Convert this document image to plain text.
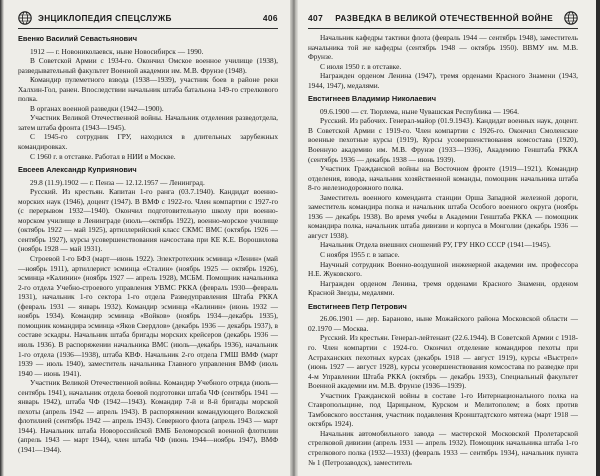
ЭНЦИКЛОПЕДИЯ СПЕЦСЛУЖБ	406
Евенко Василий Севастьянович

1912 — г. Новониколаевск, ныне Новосибирск — 1990.

В Советской Армии с 1934-го. Окончил Омское военное училище (1938), разведывательный факультет Военной академии им. М.В. Фрунзе (1948).

Командир пулеметного взвода (1938—1939), участник боев в районе реки Халхин-Гол, ранен. Впоследствии начальник штаба батальона 149-го стрелкового полка.

В органах военной разведки (1942—1900).

Участник Великой Отечественной войны. Начальник отделения разведотдела, затем штаба фронта (1943—1945).

С 1945-го сотрудник ГРУ, находился в длительных зарубежных командировках.

С 1960 г. в отставке. Работал в НИИ в Москве.

Евсеев Александр Куприянович

29.8 (11.9).1902 — г. Пенза — 12.12.1957 — Ленинград.

Русский. Из крестьян. Капитан 1-го ранга (03.7.1940). Кандидат военно-морских наук (1946), доцент (1947). В ВМФ с 1922-го. Член компартии с 1927-го (с перерывом 1932—1940). Окончил подготовительную школу при военно-морском училище в Ленинграде (июль—октябрь 1922), военно-морское училище (октябрь 1922 — май 1925), артиллерийский класс СКМС ВМС (октябрь 1926 — сентябрь 1927), курсы усовершенствования начсостава при КЕ К.Е. Ворошилова (ноябрь 1928 — май 1931).

Строевой 1-го БФЗ (март—июнь 1922). Электротехник эсминца «Ленин» (май—ноябрь 1911), артиллерист эсминца «Сталин» (ноябрь 1925 — октябрь 1926), эсминца «Калинин» (ноябрь 1927 — апрель 1928), МСБМ. Помощник начальника 2-го отдела Учебно-строевого управления УВМС РККА (февраль 1930—февраль 1931), начальник 1-го сектора 1-го отдела Разведуправления Штаба РККА (февраль 1931 — январь 1932). Командир эсминца «Калинин» (июнь 1932 — ноябрь 1934). Командир эсминца «Войков» (ноябрь 1934—декабрь 1935), помощник командира эсминца «Яков Свердлов» (декабрь 1936 — декабрь 1937), в составе эскадры. Начальник штаба бригады морских крейсеров (декабрь 1936 — июль 1936). В распоряжении начальника ВМС (июль—декабрь 1936), начальник 1-го отдела (1936—1938), штаба КВФ. Начальник 2-го отдела ГМШ ВМФ (март 1939 — июль 1940), заместитель начальника Главного управления ВМФ (июль 1940 — июнь 1941).

Участник Великой Отечественной войны. Командир Учебного отряда (июль—сентябрь 1941), начальник отдела боевой подготовки штаба ЧФ (сентябрь 1941 — январь 1942), штаба ЧФ (1942—1943). Командир 7-й и 8-й бригады морской пехоты (апрель 1942 — апрель 1943). В распоряжении командующего Волжской флотилией (сентябрь 1942 — апрель 1943). Северного флота (апрель 1943 — март 1944). Начальник штаба Новороссийской ВМБ Беломорской военной флотилии (апрель 1943 — март 1944), член штаба ЧФ (июнь 1944—ноябрь 1947), ВМФ (1941—1944).

407 РАЗВЕДКА В ВЕЛИКОЙ ОТЕЧЕСТВЕННОЙ ВОЙНЕ

Начальник кафедры тактики флота (февраль 1944 — сентябрь 1948), заместитель начальника той же кафедры (сентябрь 1948 — октябрь 1950). ВВМУ им. М.В. Фрунзе.

С июля 1950 г. в отставке.

Награжден орденом Ленина (1947), тремя орденами Красного Знамени (1943, 1944, 1947), медалями.

Евстигнеев Владимир Николаевич

09.6.1900 — ст. Тюрлема, ныне Чувашская Республика — 1964.

Русский. Из рабочих. Генерал-майор (01.9.1943). Кандидат военных наук, доцент. В Советской Армии с 1919-го. Член компартии с 1926-го. Окончил Смоленские военные пехотные курсы (1919), Курсы усовершенствования комсостава (1920), Военную академию им. М.В. Фрунзе (1933—1936), Академию Генштаба РККА (сентябрь 1936 — декабрь 1938 — июнь 1939).

Участник Гражданской войны на Восточном фронте (1919—1921). Командир отделения, взвода, начальник хозяйственной команды, помощник начальника штаба 8-го железнодорожного полка.

Заместитель военного коменданта станции Орша Западной железной дороги, заместитель командира полка и начальник штаба Особого военного округа (ноябрь 1936 — декабрь 1938). Во время учебы в Академии Генштаба РККА — помощник командира полка, начальник штаба дивизии и корпуса в Монголии (декабрь 1936 — август 1938).

Начальник Отдела внешних сношений РУ, ГРУ НКО СССР (1941—1945).

С ноября 1955 г. в запасе.

Научный сотрудник Военно-воздушной инженерной академии им. профессора Н.Е. Жуковского.

Награжден орденом Ленина, тремя орденами Красного Знамени, орденом Красной Звезды, медалями.

Евстигнеев Петр Петрович

26.06.1901 — дер. Бараново, ныне Можайского района Московской области — 02.1970 — Москва.

Русский. Из крестьян. Генерал-лейтенант (22.6.1944). В Советской Армии с 1918-го. Член компартии с 1924-го. Окончил отделение командиров пехоты при Астраханских пехотных курсах (декабрь 1918 — август 1919), курсы «Выстрел» (июнь 1927 — август 1928), курсы усовершенствования комсостава по разведке при 4-м Управлении Штаба РККА (октябрь — декабрь 1933), Специальный факультет Военной академии им. М.В. Фрунзе (1936—1939).

Участник Гражданской войны в составе 1-го Интернационального полка на Ставропольщине, под Царицыном, Курском и Мелитополем; в боях против Тамбовского восстания, участник подавления Кронштадтского мятежа (март 1918 — октябрь 1924).

Начальник автомобильного завода — мастерской Московской Пролетарской стрелковой дивизии (апрель 1931 — апрель 1932). Помощник начальника штаба 1-го стрелкового полка (1932—1933) (февраль 1933 — сентябрь 1934), начальник пункта № 1 (Петрозаводск), заместитель
